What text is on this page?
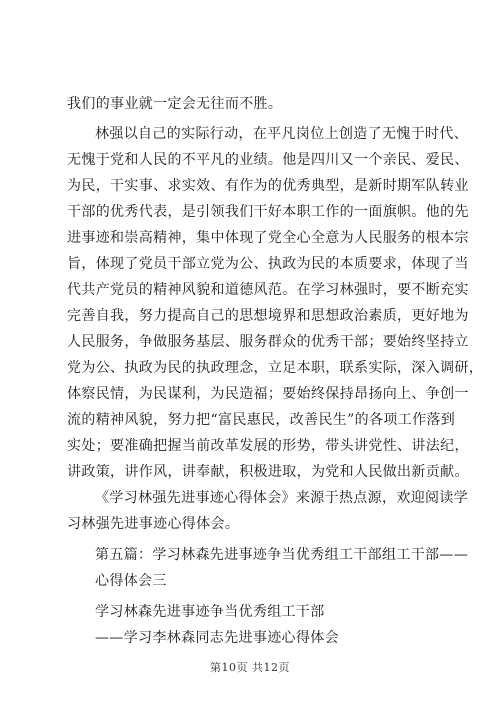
我们的事业就一定会无往而不胜。
林强以自己的实际行动，在平凡岗位上创造了无愧于时代、
无愧于党和人民的不平凡的业绩。他是四川又一个亲民、爱民、
为民，干实事、求实效、有作为的优秀典型，是新时期军队转业
干部的优秀代表，是引领我们干好本职工作的一面旗帜。他的先
进事迹和崇高精神，集中体现了党全心全意为人民服务的根本宗
旨，体现了党员干部立党为公、执政为民的本质要求，体现了当
代共产党员的精神风貌和道德风范。在学习林强时，要不断充实
完善自我，努力提高自己的思想境界和思想政治素质，更好地为
人民服务，争做服务基层、服务群众的优秀干部；要始终坚持立
党为公、执政为民的执政理念，立足本职，联系实际，深入调研，
体察民情，为民谋利，为民造福；要始终保持昂扬向上、争创一
流的精神风貌，努力把“富民惠民，改善民生”的各项工作落到
实处；要准确把握当前改革发展的形势，带头讲党性、讲法纪，
讲政策，讲作风，讲奉献，积极进取，为党和人民做出新贡献。
《学习林强先进事迹心得体会》来源于热点源，欢迎阅读学
习林强先进事迹心得体会。
第五篇：学习林森先进事迹争当优秀组工干部组工干部——
心得体会三
学习林森先进事迹争当优秀组工干部
——学习李林森同志先进事迹心得体会
第10页 共12页
